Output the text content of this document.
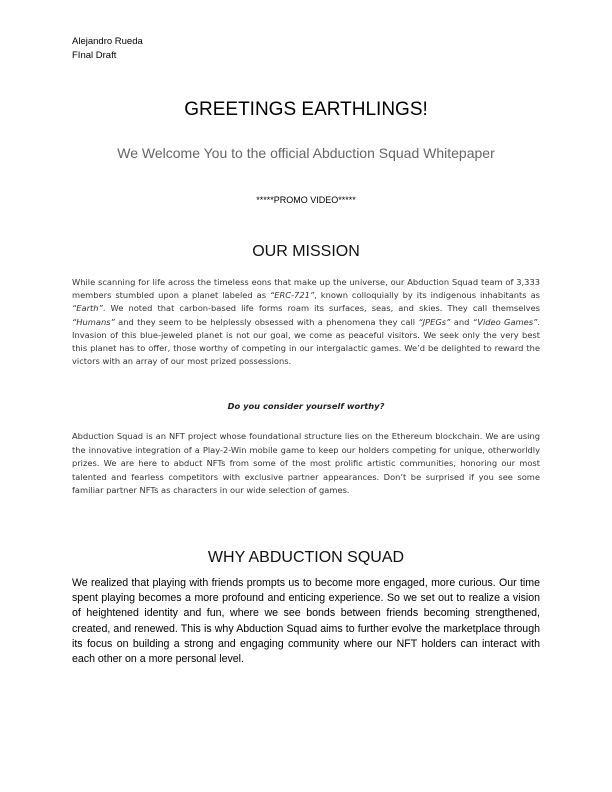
Alejandro Rueda
FInal Draft
GREETINGS EARTHLINGS!
We Welcome You to the official Abduction Squad Whitepaper
*****PROMO VIDEO*****
OUR MISSION

While scanning for life across the timeless eons that make up the universe, our Abduction Squad team of 3,333 members stumbled upon a planet labeled as “ERC-721”, known colloquially by its indigenous inhabitants as “Earth”. We noted that carbon-based life forms roam its surfaces, seas, and skies. They call themselves “Humans” and they seem to be helplessly obsessed with a phenomena they call “JPEGs” and “Video Games”. Invasion of this blue-jeweled planet is not our goal, we come as peaceful visitors. We seek only the very best this planet has to offer, those worthy of competing in our intergalactic games. We’d be delighted to reward the victors with an array of our most prized possessions.

Do you consider yourself worthy?

Abduction Squad is an NFT project whose foundational structure lies on the Ethereum blockchain. We are using the innovative integration of a Play-2-Win mobile game to keep our holders competing for unique, otherworldly prizes. We are here to abduct NFTs from some of the most prolific artistic communities, honoring our most talented and fearless competitors with exclusive partner appearances. Don’t be surprised if you see some familiar partner NFTs as characters in our wide selection of games.

WHY ABDUCTION SQUAD

We realized that playing with friends prompts us to become more engaged, more curious. Our time spent playing becomes a more profound and enticing experience. So we set out to realize a vision of heightened identity and fun, where we see bonds between friends becoming strengthened, created, and renewed. This is why Abduction Squad aims to further evolve the marketplace through its focus on building a strong and engaging community where our NFT holders can interact with each other on a more personal level.
